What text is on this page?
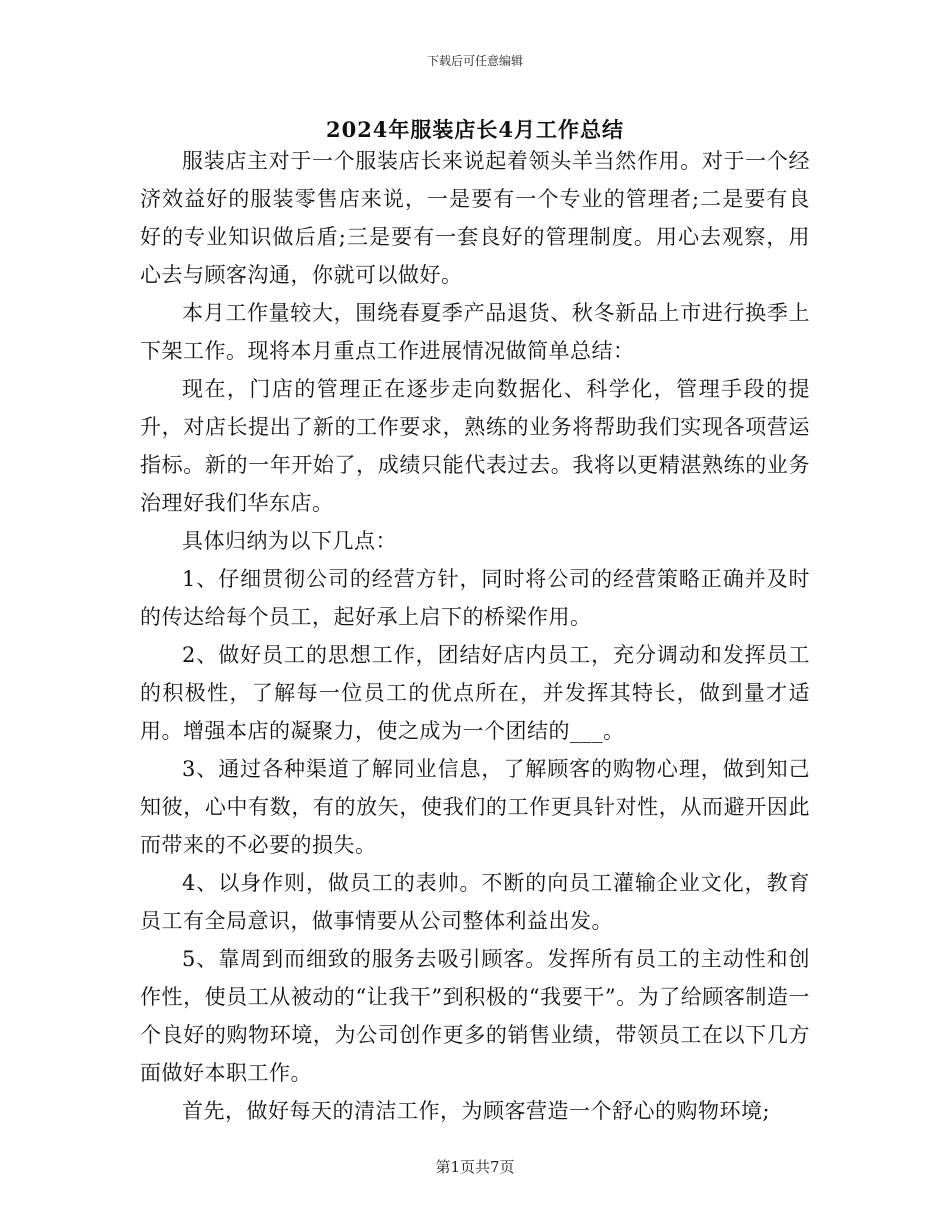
下载后可任意编辑
2024年服装店长4月工作总结

服装店主对于一个服装店长来说起着领头羊当然作用。对于一个经济效益好的服装零售店来说，一是要有一个专业的管理者;二是要有良好的专业知识做后盾;三是要有一套良好的管理制度。用心去观察，用心去与顾客沟通，你就可以做好。

本月工作量较大，围绕春夏季产品退货、秋冬新品上市进行换季上下架工作。现将本月重点工作进展情况做简单总结：

现在，门店的管理正在逐步走向数据化、科学化，管理手段的提升，对店长提出了新的工作要求，熟练的业务将帮助我们实现各项营运指标。新的一年开始了，成绩只能代表过去。我将以更精湛熟练的业务治理好我们华东店。

具体归纳为以下几点：

1、仔细贯彻公司的经营方针，同时将公司的经营策略正确并及时的传达给每个员工，起好承上启下的桥梁作用。

2、做好员工的思想工作，团结好店内员工，充分调动和发挥员工的积极性，了解每一位员工的优点所在，并发挥其特长，做到量才适用。增强本店的凝聚力，使之成为一个团结的___。

3、通过各种渠道了解同业信息，了解顾客的购物心理，做到知己知彼，心中有数，有的放矢，使我们的工作更具针对性，从而避开因此而带来的不必要的损失。

4、以身作则，做员工的表帅。不断的向员工灌输企业文化，教育员工有全局意识，做事情要从公司整体利益出发。

5、靠周到而细致的服务去吸引顾客。发挥所有员工的主动性和创作性，使员工从被动的“让我干”到积极的“我要干”。为了给顾客制造一个良好的购物环境，为公司创作更多的销售业绩，带领员工在以下几方面做好本职工作。

首先，做好每天的清洁工作，为顾客营造一个舒心的购物环境;

第1页共7页
